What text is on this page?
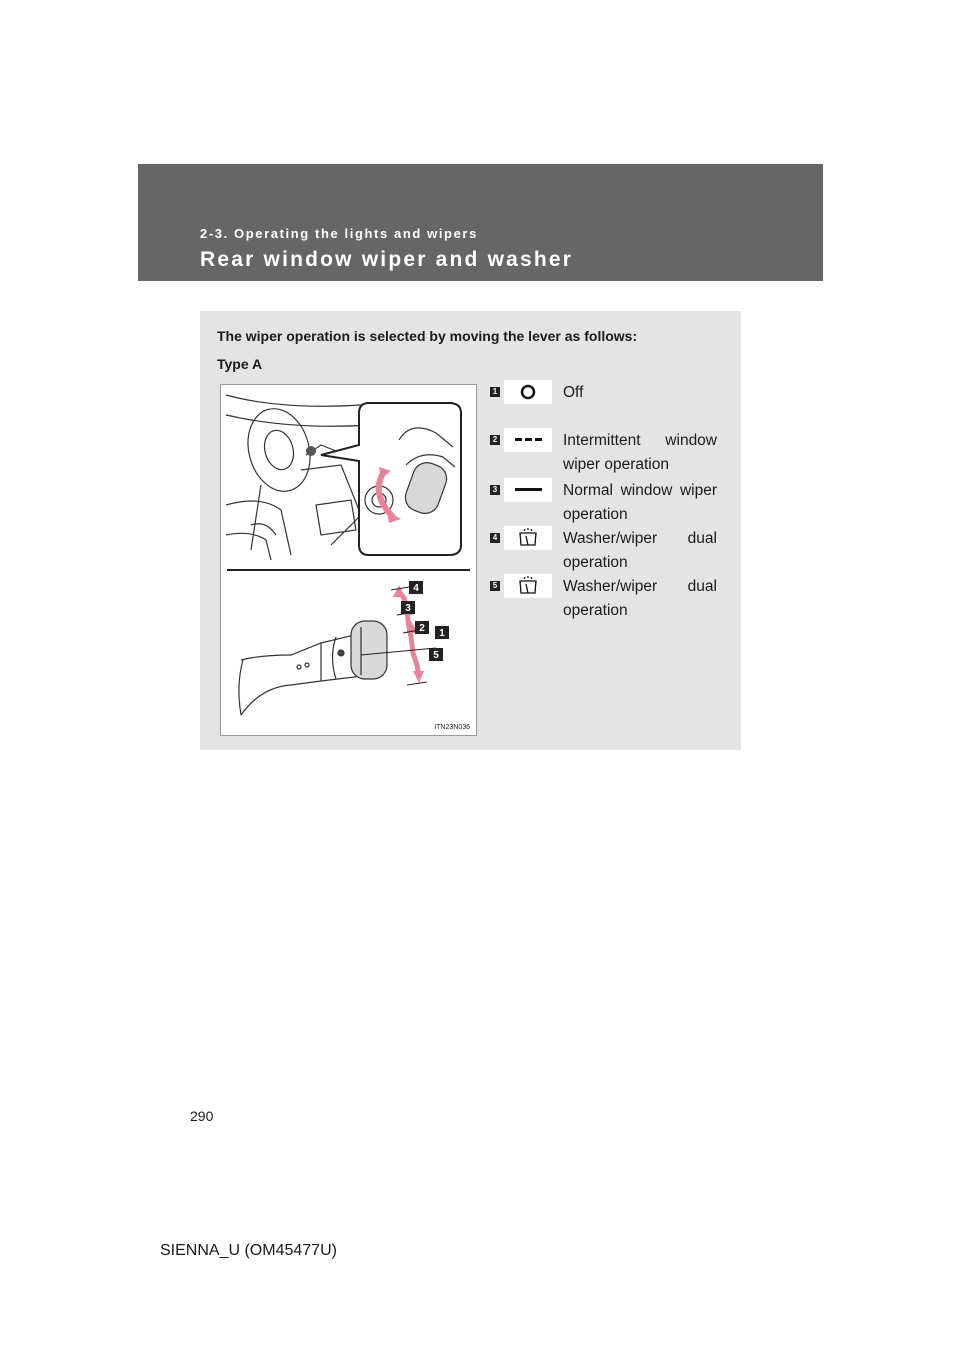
2-3. Operating the lights and wipers

Rear window wiper and washer

The wiper operation is selected by moving the lever as follows:

Type A

4
3
2 1
5
ITN23N036
1	Off

2	Intermittent window wiper operation

3	Normal window wiper operation

4	Washer/wiper dual operation

5	Washer/wiper dual operation

290
SIENNA_U (OM45477U)
